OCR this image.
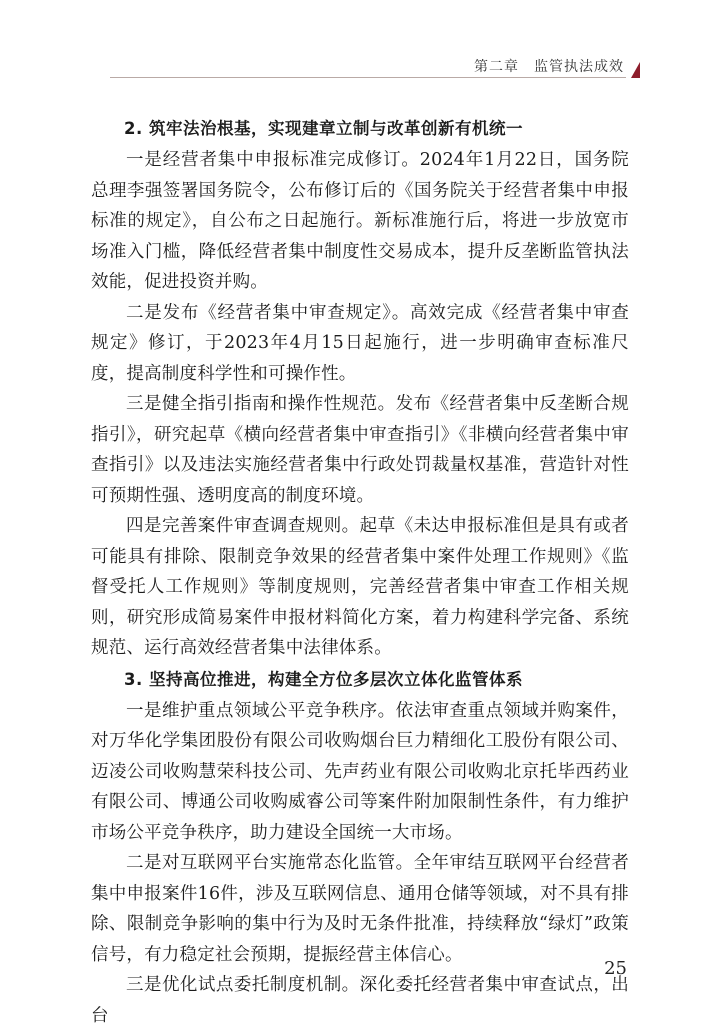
第二章　监管执法成效
2. 筑牢法治根基，实现建章立制与改革创新有机统一

一是经营者集中申报标准完成修订。2024年1月22日，国务院总理李强签署国务院令，公布修订后的《国务院关于经营者集中申报标准的规定》，自公布之日起施行。新标准施行后，将进一步放宽市场准入门槛，降低经营者集中制度性交易成本，提升反垄断监管执法效能，促进投资并购。

二是发布《经营者集中审查规定》。高效完成《经营者集中审查规定》修订，于2023年4月15日起施行，进一步明确审查标准尺度，提高制度科学性和可操作性。

三是健全指引指南和操作性规范。发布《经营者集中反垄断合规指引》，研究起草《横向经营者集中审查指引》《非横向经营者集中审查指引》以及违法实施经营者集中行政处罚裁量权基准，营造针对性可预期性强、透明度高的制度环境。

四是完善案件审查调查规则。起草《未达申报标准但是具有或者可能具有排除、限制竞争效果的经营者集中案件处理工作规则》《监督受托人工作规则》等制度规则，完善经营者集中审查工作相关规则，研究形成简易案件申报材料简化方案，着力构建科学完备、系统规范、运行高效经营者集中法律体系。

3. 坚持高位推进，构建全方位多层次立体化监管体系

一是维护重点领域公平竞争秩序。依法审查重点领域并购案件，对万华化学集团股份有限公司收购烟台巨力精细化工股份有限公司、迈凌公司收购慧荣科技公司、先声药业有限公司收购北京托毕西药业有限公司、博通公司收购威睿公司等案件附加限制性条件，有力维护市场公平竞争秩序，助力建设全国统一大市场。

二是对互联网平台实施常态化监管。全年审结互联网平台经营者集中申报案件16件，涉及互联网信息、通用仓储等领域，对不具有排除、限制竞争影响的集中行为及时无条件批准，持续释放“绿灯”政策信号，有力稳定社会预期，提振经营主体信心。

三是优化试点委托制度机制。深化委托经营者集中审查试点，出台

25
